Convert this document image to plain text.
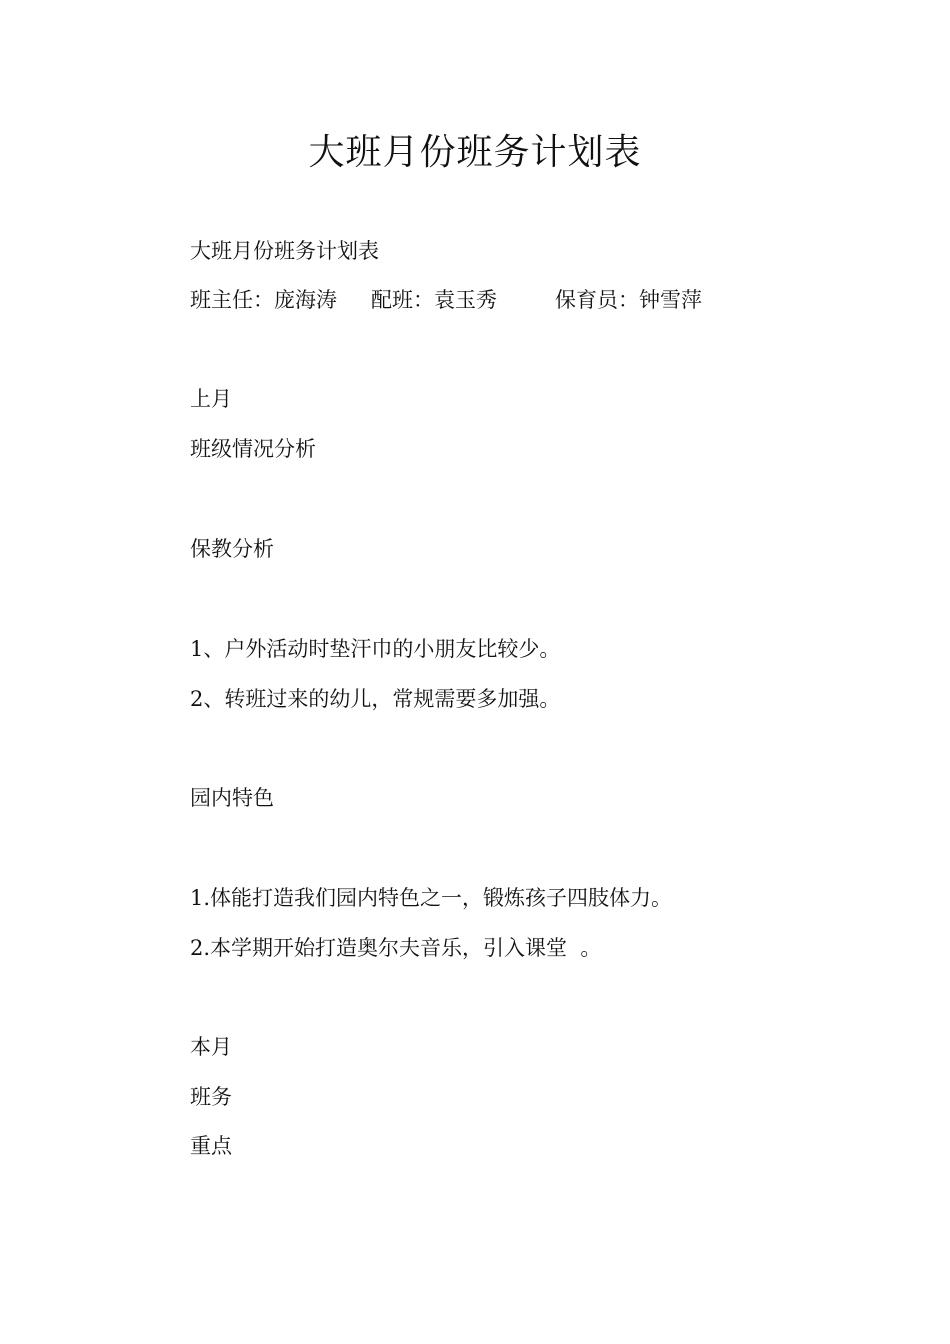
大班月份班务计划表
大班月份班务计划表
班主任：庞海涛 配班：袁玉秀	保育员：钟雪萍
上月
班级情况分析
保教分析
1、户外活动时垫汗巾的小朋友比较少。
2、转班过来的幼儿，常规需要多加强。
园内特色
1.体能打造我们园内特色之一，锻炼孩子四肢体力。
2.本学期开始打造奥尔夫音乐，引入课堂  。
本月
班务
重点
